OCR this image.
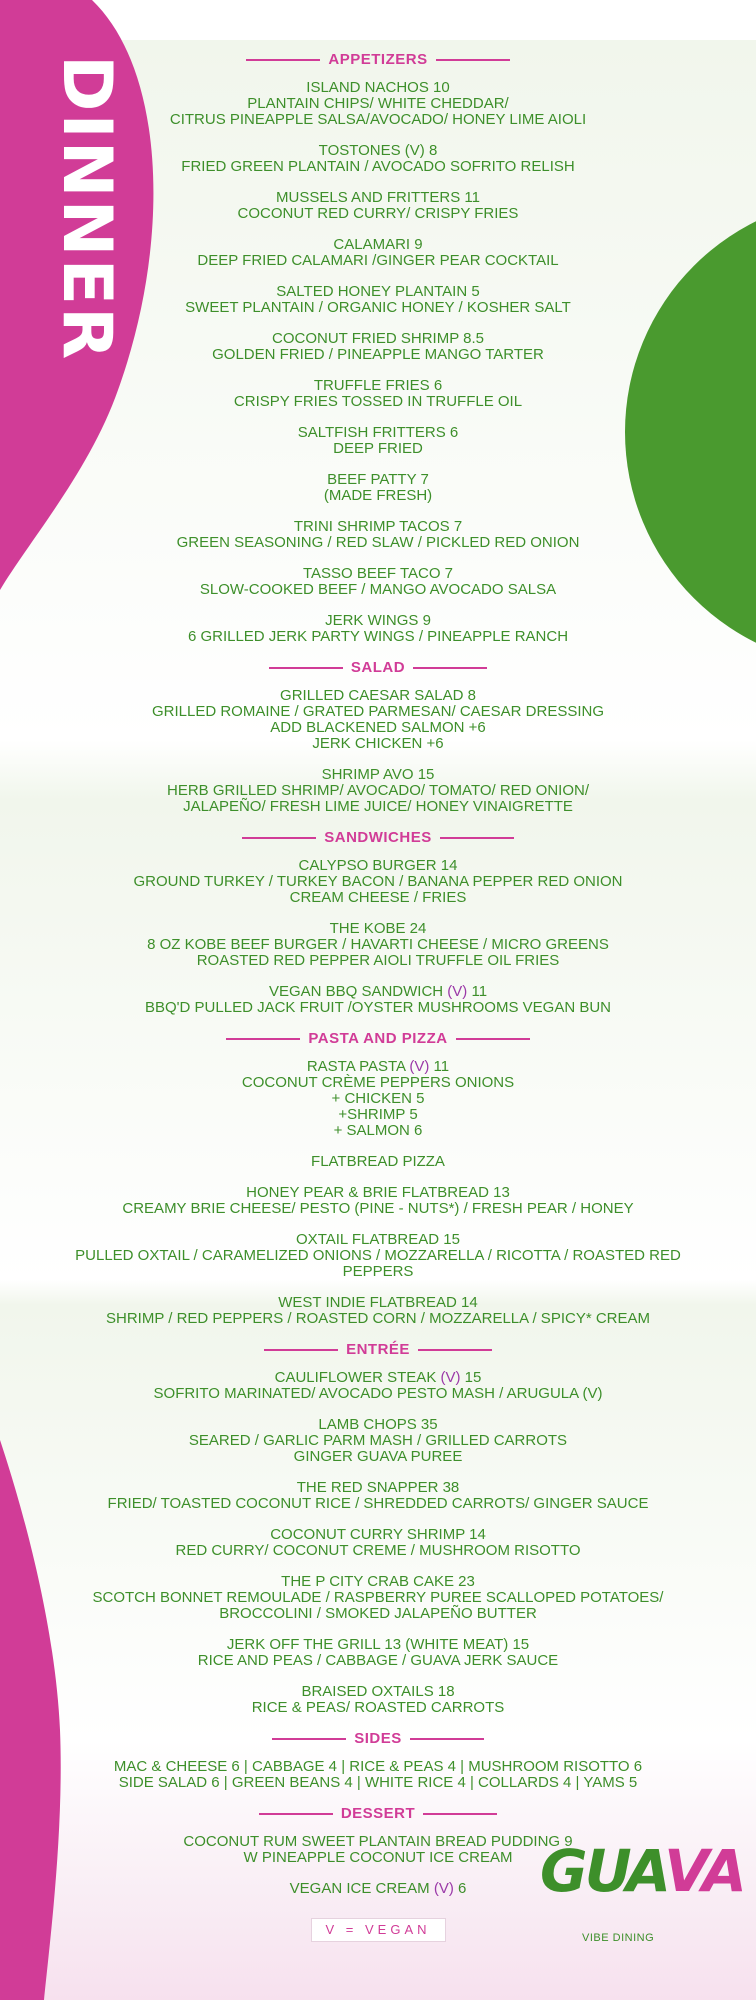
DINNER	APPETIZERS
ISLAND NACHOS 10
PLANTAIN CHIPS/ WHITE CHEDDAR/
CITRUS PINEAPPLE SALSA/AVOCADO/ HONEY LIME AIOLI
TOSTONES (V) 8
FRIED GREEN PLANTAIN / AVOCADO SOFRITO RELISH
MUSSELS AND FRITTERS 11
COCONUT RED CURRY/ CRISPY FRIES
CALAMARI 9
DEEP FRIED CALAMARI /GINGER PEAR COCKTAIL
SALTED HONEY PLANTAIN 5
SWEET PLANTAIN / ORGANIC HONEY / KOSHER SALT
COCONUT FRIED SHRIMP 8.5
GOLDEN FRIED / PINEAPPLE MANGO TARTER
TRUFFLE FRIES 6
CRISPY FRIES TOSSED IN TRUFFLE OIL
SALTFISH FRITTERS 6
DEEP FRIED
BEEF PATTY 7
(MADE FRESH)
TRINI SHRIMP TACOS 7
GREEN SEASONING / RED SLAW / PICKLED RED ONION
TASSO BEEF TACO 7
SLOW-COOKED BEEF / MANGO AVOCADO SALSA
JERK WINGS 9
6 GRILLED JERK PARTY WINGS / PINEAPPLE RANCH
SALAD
GRILLED CAESAR SALAD 8
GRILLED ROMAINE / GRATED PARMESAN/ CAESAR DRESSING
ADD BLACKENED SALMON +6
JERK CHICKEN +6
SHRIMP AVO 15
HERB GRILLED SHRIMP/ AVOCADO/ TOMATO/ RED ONION/
JALAPEÑO/ FRESH LIME JUICE/ HONEY VINAIGRETTE
SANDWICHES
CALYPSO BURGER 14
GROUND TURKEY / TURKEY BACON / BANANA PEPPER RED ONION
CREAM CHEESE / FRIES
THE KOBE 24
8 OZ KOBE BEEF BURGER / HAVARTI CHEESE / MICRO GREENS
ROASTED RED PEPPER AIOLI TRUFFLE OIL FRIES
VEGAN BBQ SANDWICH (V) 11
BBQ'D PULLED JACK FRUIT /OYSTER MUSHROOMS VEGAN BUN
PASTA AND PIZZA
RASTA PASTA (V) 11
COCONUT CRÈME PEPPERS ONIONS
+ CHICKEN 5
+SHRIMP 5
+ SALMON 6
FLATBREAD PIZZA
HONEY PEAR & BRIE FLATBREAD 13
CREAMY BRIE CHEESE/ PESTO (PINE - NUTS*) / FRESH PEAR / HONEY
OXTAIL FLATBREAD 15
PULLED OXTAIL / CARAMELIZED ONIONS / MOZZARELLA / RICOTTA / ROASTED RED
PEPPERS
WEST INDIE FLATBREAD 14
SHRIMP / RED PEPPERS / ROASTED CORN / MOZZARELLA / SPICY* CREAM
ENTRÉE
CAULIFLOWER STEAK (V) 15
SOFRITO MARINATED/ AVOCADO PESTO MASH / ARUGULA (V)
LAMB CHOPS 35
SEARED / GARLIC PARM MASH / GRILLED CARROTS
GINGER GUAVA PUREE
THE RED SNAPPER 38
FRIED/ TOASTED COCONUT RICE / SHREDDED CARROTS/ GINGER SAUCE
COCONUT CURRY SHRIMP 14
RED CURRY/ COCONUT CREME / MUSHROOM RISOTTO
THE P CITY CRAB CAKE 23
SCOTCH BONNET REMOULADE / RASPBERRY PUREE SCALLOPED POTATOES/
BROCCOLINI / SMOKED JALAPEÑO BUTTER
JERK OFF THE GRILL 13 (WHITE MEAT) 15
RICE AND PEAS / CABBAGE / GUAVA JERK SAUCE
BRAISED OXTAILS 18
RICE & PEAS/ ROASTED CARROTS
SIDES
MAC & CHEESE 6 | CABBAGE 4 | RICE & PEAS 4 | MUSHROOM RISOTTO 6
SIDE SALAD 6 | GREEN BEANS 4 | WHITE RICE 4 | COLLARDS 4 | YAMS 5
DESSERT
COCONUT RUM SWEET PLANTAIN BREAD PUDDING 9
W PINEAPPLE COCONUT ICE CREAM
VEGAN ICE CREAM (V) 6
V = VEGAN
GUAVA
VIBE DINING
